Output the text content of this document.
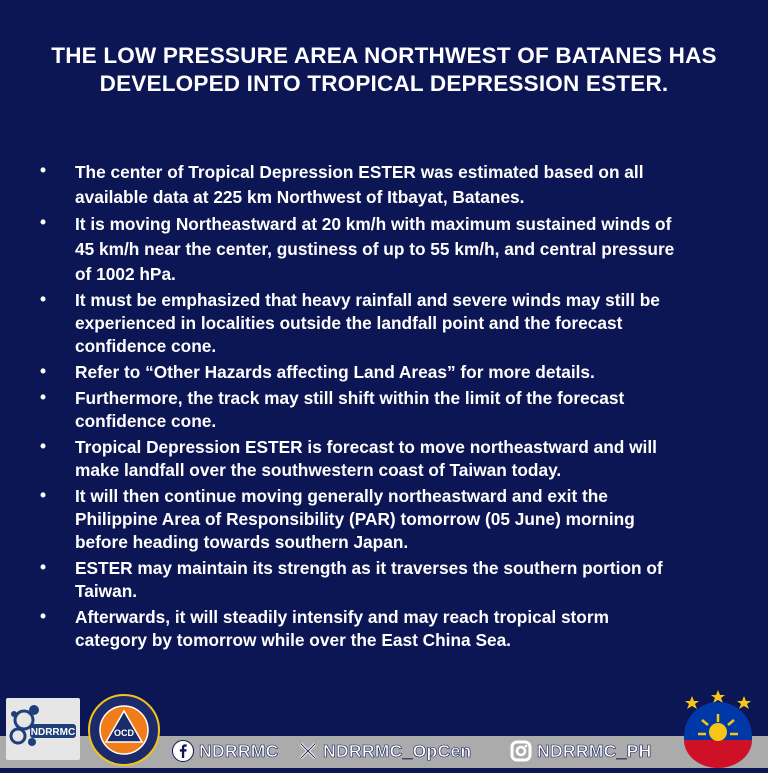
THE LOW PRESSURE AREA NORTHWEST OF BATANES HAS
DEVELOPED INTO TROPICAL DEPRESSION ESTER.
• The center of Tropical Depression ESTER was estimated based on all
available data at 225 km Northwest of Itbayat, Batanes.
• It is moving Northeastward at 20 km/h with maximum sustained winds of
45 km/h near the center, gustiness of up to 55 km/h, and central pressure
of 1002 hPa.
• It must be emphasized that heavy rainfall and severe winds may still be
experienced in localities outside the landfall point and the forecast
confidence cone.
• Refer to “Other Hazards affecting Land Areas” for more details.
• Furthermore, the track may still shift within the limit of the forecast
confidence cone.
• Tropical Depression ESTER is forecast to move northeastward and will
make landfall over the southwestern coast of Taiwan today.
• It will then continue moving generally northeastward and exit the
Philippine Area of Responsibility (PAR) tomorrow (05 June) morning
before heading towards southern Japan.
• ESTER may maintain its strength as it traverses the southern portion of
Taiwan.
• Afterwards, it will steadily intensify and may reach tropical storm
category by tomorrow while over the East China Sea.
NDRRMC	OCD
NDRRMC	NDRRMC_OpCen	NDRRMC_PH
